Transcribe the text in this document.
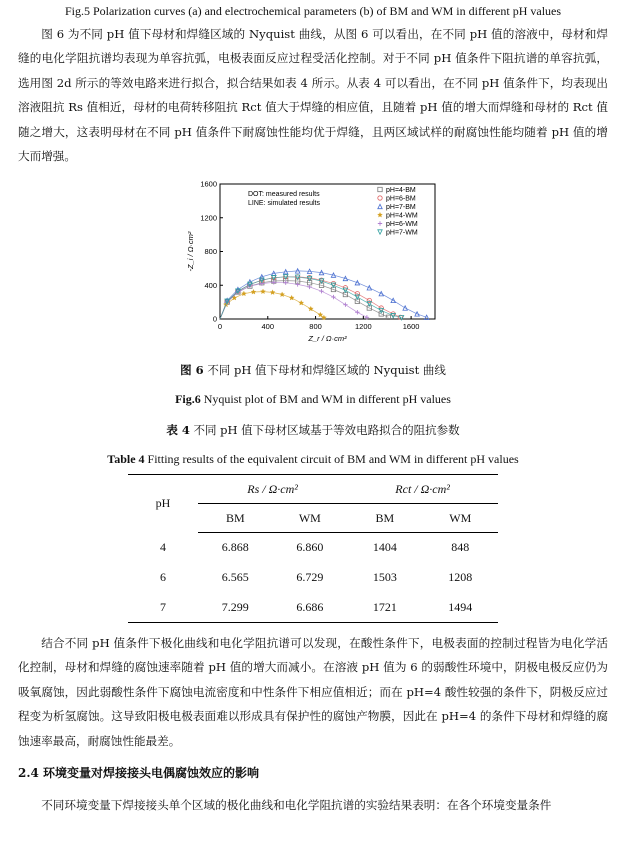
Fig.5 Polarization curves (a) and electrochemical parameters (b) of BM and WM in different pH values
图 6 为不同 pH 值下母材和焊缝区域的 Nyquist 曲线，从图 6 可以看出，在不同 pH 值的溶液中，母材和焊缝的电化学阻抗谱均表现为单容抗弧，电极表面反应过程受活化控制。对于不同 pH 值条件下阻抗谱的单容抗弧，选用图 2d 所示的等效电路来进行拟合，拟合结果如表 4 所示。从表 4 可以看出，在不同 pH 值条件下，均表现出溶液阻抗 Rs 值相近，母材的电荷转移阻抗 Rct 值大于焊缝的相应值，且随着 pH 值的增大而焊缝和母材的 Rct 值随之增大，这表明母材在不同 pH 值条件下耐腐蚀性能均优于焊缝，且两区域试样的耐腐蚀性能均随着 pH 值的增大而增强。
0	400	800	1200	1600
0
400
800
1200
1600
Z_r / Ω·cm²
-Z_i / Ω·cm²
DOT: measured results
LINE: simulated results
pH=4-BM
pH=6-BM
pH=7-BM
pH=4-WM
pH=6-WM
pH=7-WM
图 6 不同 pH 值下母材和焊缝区域的 Nyquist 曲线
Fig.6 Nyquist plot of BM and WM in different pH values
表 4 不同 pH 值下母材区域基于等效电路拟合的阻抗参数
Table 4 Fitting results of the equivalent circuit of BM and WM in different pH values
pH	Rs / Ω·cm²		Rct / Ω·cm²	
	BM	WM	BM	WM
4	6.868	6.860	1404	848
6	6.565	6.729	1503	1208
7	7.299	6.686	1721	1494
结合不同 pH 值条件下极化曲线和电化学阻抗谱可以发现，在酸性条件下，电极表面的控制过程皆为电化学活化控制，母材和焊缝的腐蚀速率随着 pH 值的增大而减小。在溶液 pH 值为 6 的弱酸性环境中，阴极电极反应仍为吸氧腐蚀，因此弱酸性条件下腐蚀电流密度和中性条件下相应值相近；而在 pH=4 酸性较强的条件下，阴极反应过程变为析氢腐蚀。这导致阳极电极表面难以形成具有保护性的腐蚀产物膜，因此在 pH=4 的条件下母材和焊缝的腐蚀速率最高，耐腐蚀性能最差。
2.4 环境变量对焊接接头电偶腐蚀效应的影响
不同环境变量下焊接接头单个区域的极化曲线和电化学阻抗谱的实验结果表明：在各个环境变量条件
